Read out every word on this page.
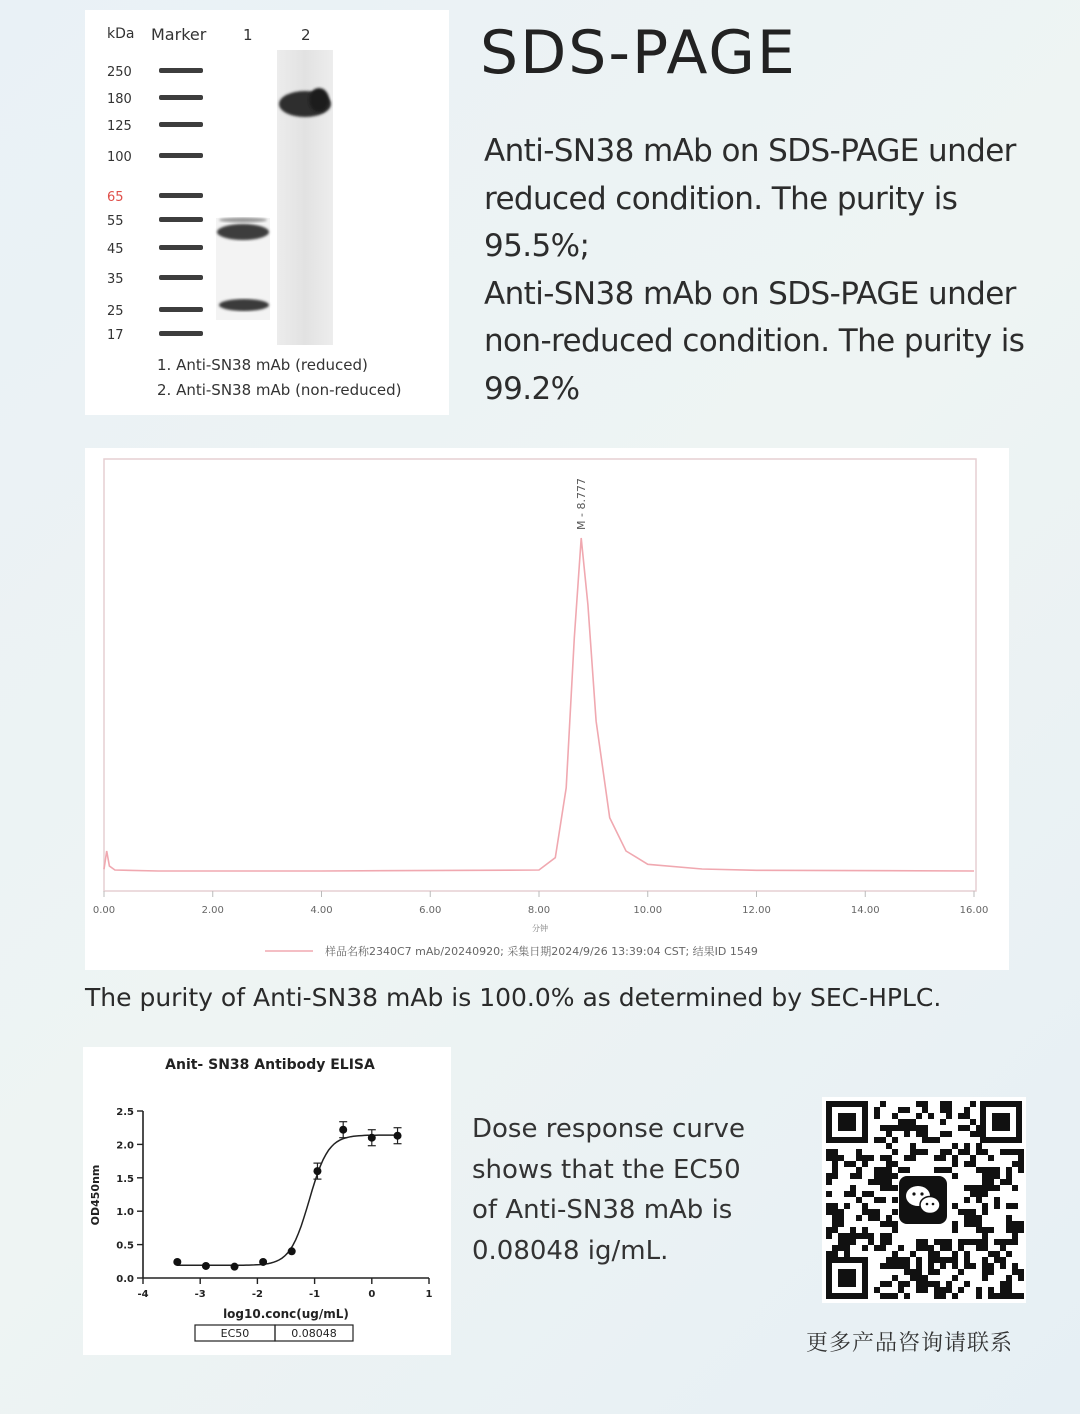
kDa Marker 1	2
250
180
125
100
65
55
45
35
25
17
1. Anti-SN38 mAb (reduced)
2. Anti-SN38 mAb (non-reduced)
SDS-PAGE
Anti-SN38 mAb on SDS-PAGE under
reduced condition. The purity is
95.5%;
Anti-SN38 mAb on SDS-PAGE under
non-reduced condition. The purity is
99.2%
M - 8.777
0.00	2.00	4.00	6.00	8.00	10.00	12.00	14.00	16.00
分钟
样品名称2340C7 mAb/20240920; 采集日期2024/9/26 13:39:04 CST; 结果ID 1549
The purity of Anti-SN38 mAb is 100.0% as determined by SEC-HPLC.
Anit- SN38 Antibody ELISA
0.0
0.5
1.0
1.5
2.0
2.5
-4	-3	-2	-1	0	1
OD450nm
log10.conc(ug/mL)
EC50	0.08048
Dose response curve
shows that the EC50
of Anti-SN38 mAb is
0.08048 ig/mL.
更多产品咨询请联系
